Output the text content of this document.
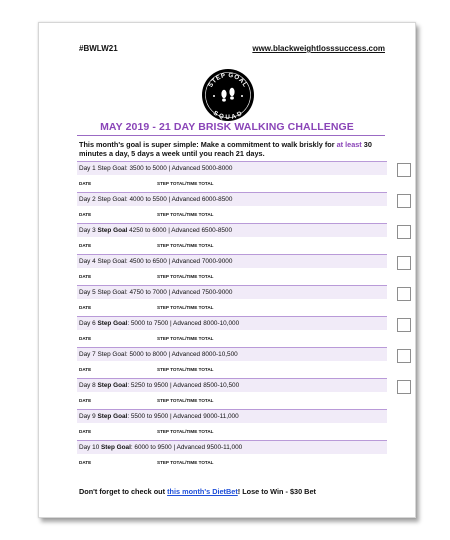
#BWLW21	www.blackweightlosssuccess.com
STEP GOAL
SQUAD
MAY 2019 - 21 DAY BRISK WALKING CHALLENGE
This month's goal is super simple: Make a commitment to walk briskly for at least 30 minutes a day, 5 days a week until you reach 21 days.
Day 1 Step Goal: 3500 to 5000 | Advanced 5000-8000
DATE	STEP TOTAL/TIME TOTAL
Day 2 Step Goal: 4000 to 5500 | Advanced 6000-8500
DATE	STEP TOTAL/TIME TOTAL
Day 3 Step Goal 4250 to 6000 | Advanced 6500-8500
DATE	STEP TOTAL/TIME TOTAL
Day 4 Step Goal: 4500 to 6500 | Advanced 7000-9000
DATE	STEP TOTAL/TIME TOTAL
Day 5 Step Goal: 4750 to 7000 | Advanced 7500-9000
DATE	STEP TOTAL/TIME TOTAL
Day 6 Step Goal: 5000 to 7500 | Advanced 8000-10,000
DATE	STEP TOTAL/TIME TOTAL
Day 7 Step Goal: 5000 to 8000 | Advanced 8000-10,500
DATE	STEP TOTAL/TIME TOTAL
Day 8 Step Goal: 5250 to 9500 | Advanced 8500-10,500
DATE	STEP TOTAL/TIME TOTAL
Day 9 Step Goal: 5500 to 9500 | Advanced 9000-11,000
DATE	STEP TOTAL/TIME TOTAL
Day 10 Step Goal: 6000 to 9500 | Advanced 9500-11,000
DATE	STEP TOTAL/TIME TOTAL
Don't forget to check out this month's DietBet! Lose to Win - $30 Bet
